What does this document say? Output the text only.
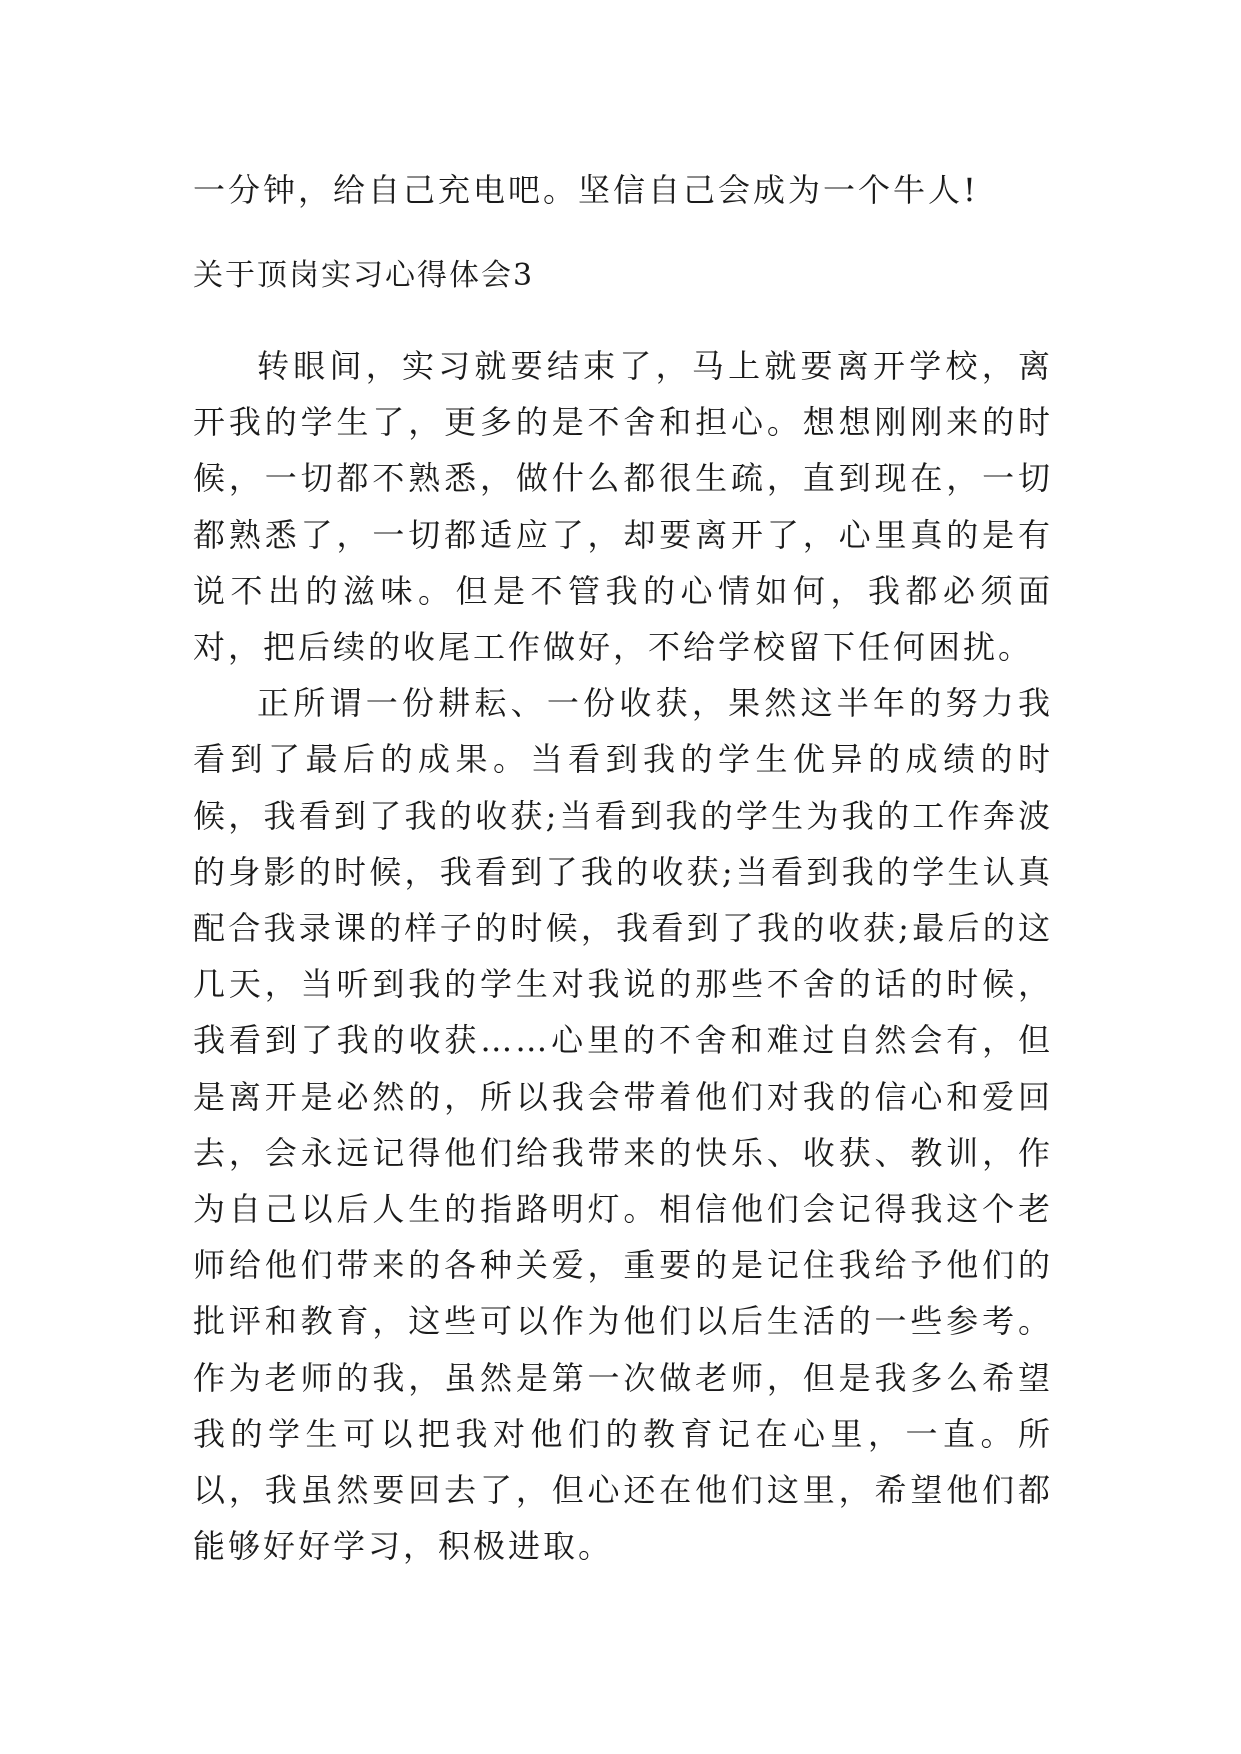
一分钟，给自己充电吧。坚信自己会成为一个牛人!
关于顶岗实习心得体会3

转眼间，实习就要结束了，马上就要离开学校，离开我的学生了，更多的是不舍和担心。想想刚刚来的时候，一切都不熟悉，做什么都很生疏，直到现在，一切都熟悉了，一切都适应了，却要离开了，心里真的是有说不出的滋味。但是不管我的心情如何，我都必须面对，把后续的收尾工作做好，不给学校留下任何困扰。

正所谓一份耕耘、一份收获，果然这半年的努力我看到了最后的成果。当看到我的学生优异的成绩的时候，我看到了我的收获;当看到我的学生为我的工作奔波的身影的时候，我看到了我的收获;当看到我的学生认真配合我录课的样子的时候，我看到了我的收获;最后的这几天，当听到我的学生对我说的那些不舍的话的时候，我看到了我的收获……心里的不舍和难过自然会有，但是离开是必然的，所以我会带着他们对我的信心和爱回去，会永远记得他们给我带来的快乐、收获、教训，作为自己以后人生的指路明灯。相信他们会记得我这个老师给他们带来的各种关爱，重要的是记住我给予他们的批评和教育，这些可以作为他们以后生活的一些参考。作为老师的我，虽然是第一次做老师，但是我多么希望我的学生可以把我对他们的教育记在心里，一直。所以，我虽然要回去了，但心还在他们这里，希望他们都能够好好学习，积极进取。
